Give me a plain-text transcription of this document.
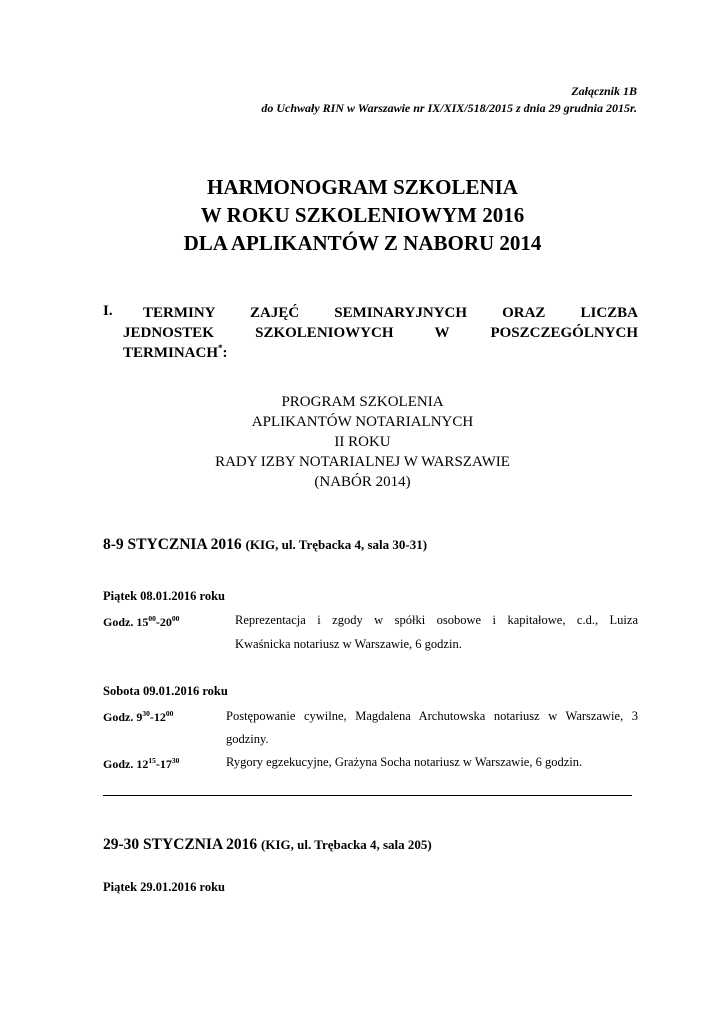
Załącznik 1B
do Uchwały RIN w Warszawie nr IX/XIX/518/2015 z dnia 29 grudnia 2015r.
HARMONOGRAM SZKOLENIA
W ROKU SZKOLENIOWYM 2016
DLA APLIKANTÓW Z NABORU 2014
I. TERMINY ZAJĘĆ SEMINARYJNYCH ORAZ LICZBA
JEDNOSTEK SZKOLENIOWYCH W POSZCZEGÓLNYCH
TERMINACH*:
PROGRAM SZKOLENIA
APLIKANTÓW NOTARIALNYCH
II ROKU
RADY IZBY NOTARIALNEJ W WARSZAWIE
(NABÓR 2014)
8-9 STYCZNIA 2016 (KIG, ul. Trębacka 4, sala 30-31)
Piątek 08.01.2016 roku
Godz. $15^{00}-20^{00}$	Reprezentacja i zgody w spółki osobowe i kapitałowe, c.d., Luiza
Kwaśnicka notariusz w Warszawie, 6 godzin.
Sobota 09.01.2016 roku
Godz. $9^{30}-12^{00}$	Postępowanie cywilne, Magdalena Archutowska notariusz w Warszawie, 3
godziny.
Godz. $12^{15}-17^{30}$	Rygory egzekucyjne, Grażyna Socha notariusz w Warszawie, 6 godzin.
29-30 STYCZNIA 2016 (KIG, ul. Trębacka 4, sala 205)
Piątek 29.01.2016 roku
